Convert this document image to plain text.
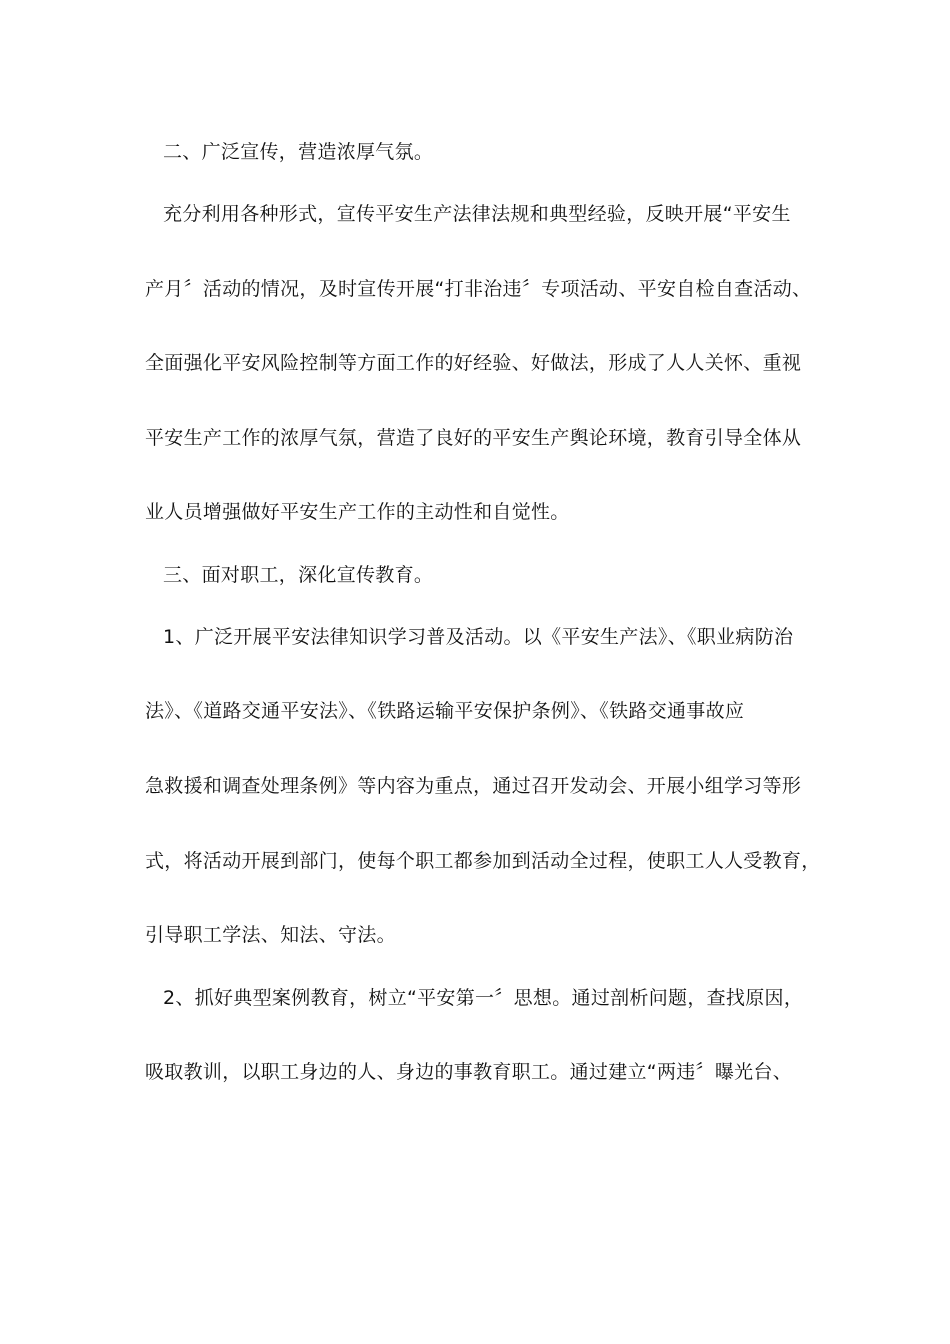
二、广泛宣传，营造浓厚气氛。
充分利用各种形式，宣传平安生产法律法规和典型经验，反映开展“平安生
产月〞活动的情况，及时宣传开展“打非治违〞专项活动、平安自检自查活动、
全面强化平安风险控制等方面工作的好经验、好做法，形成了人人关怀、重视
平安生产工作的浓厚气氛，营造了良好的平安生产舆论环境，教育引导全体从
业人员增强做好平安生产工作的主动性和自觉性。
三、面对职工，深化宣传教育。
1、广泛开展平安法律知识学习普及活动。以《平安生产法》、《职业病防治
法》、《道路交通平安法》、《铁路运输平安保护条例》、《铁路交通事故应
急救援和调查处理条例》等内容为重点，通过召开发动会、开展小组学习等形
式，将活动开展到部门，使每个职工都参加到活动全过程，使职工人人受教育，
引导职工学法、知法、守法。
2、抓好典型案例教育，树立“平安第一〞思想。通过剖析问题，查找原因，
吸取教训，以职工身边的人、身边的事教育职工。通过建立“两违〞曝光台、
